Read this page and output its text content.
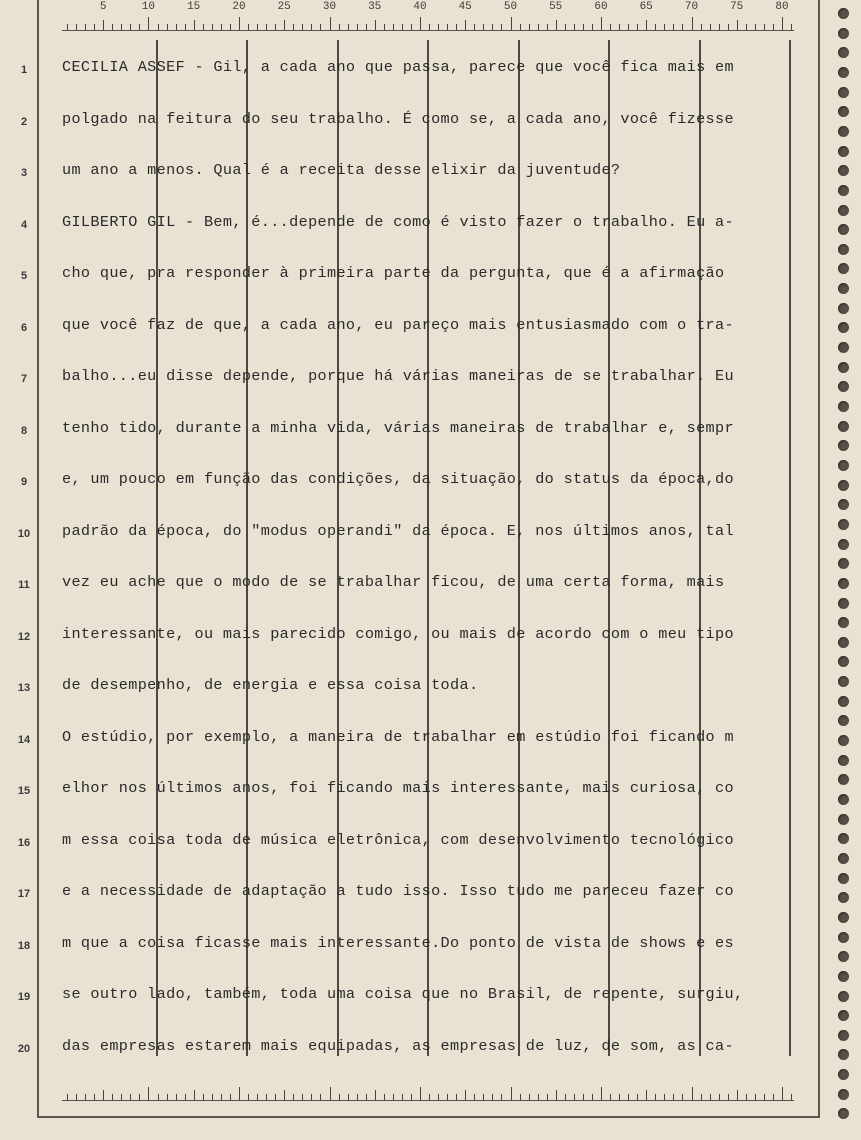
5	10	15	20	25	30	35	40	45	50	55	60	65	70	75	80
1
2
3
4
5
6
7
8
9
10
11
12
13
14
15
16
17
18
19
20
CECILIA ASSEF - Gil, a cada ano que passa, parece que você fica mais em
polgado na feitura do seu trabalho. É como se, a cada ano, você fizesse
um ano a menos. Qual é a receita desse elixir da juventude?
GILBERTO GIL - Bem, é...depende de como é visto fazer o trabalho. Eu a-
cho que, pra responder à primeira parte da pergunta, que é a afirmação
que você faz de que, a cada ano, eu pareço mais entusiasmado com o tra-
balho...eu disse depende, porque há várias maneiras de se trabalhar. Eu
tenho tido, durante a minha vida, várias maneiras de trabalhar e, sempr
e, um pouco em função das condições, da situação, do status da época,do
padrão da época, do "modus operandi" da época. E, nos últimos anos, tal
vez eu ache que o modo de se trabalhar ficou, de uma certa forma, mais
interessante, ou mais parecido comigo, ou mais de acordo com o meu tipo
de desempenho, de energia e essa coisa toda.
O estúdio, por exemplo, a maneira de trabalhar em estúdio foi ficando m
elhor nos últimos anos, foi ficando mais interessante, mais curiosa, co
m essa coisa toda de música eletrônica, com desenvolvimento tecnológico
e a necessidade de adaptação a tudo isso. Isso tudo me pareceu fazer co
m que a coisa ficasse mais interessante.Do ponto de vista de shows e es
se outro lado, também, toda uma coisa que no Brasil, de repente, surgiu,
das empresas estarem mais equipadas, as empresas de luz, de som, as ca-
